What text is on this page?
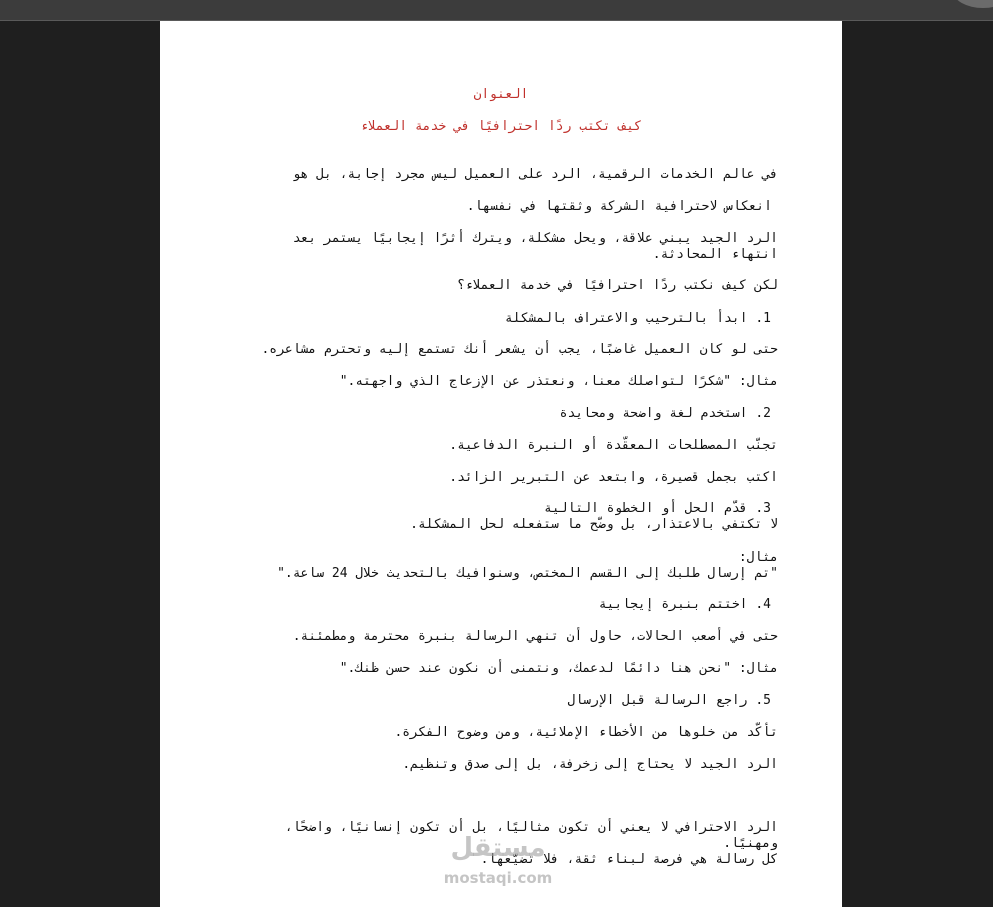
العنوان
كيف تكتب ردًا احترافيًا في خدمة العملاء
في عالم الخدمات الرقمية، الرد على العميل ليس مجرد إجابة، بل هو
انعكاس لاحترافية الشركة وثقتها في نفسها.
الرد الجيد يبني علاقة، ويحل مشكلة، ويترك أثرًا إيجابيًا يستمر بعد
انتهاء المحادثة.
لكن كيف نكتب ردًا احترافيًا في خدمة العملاء؟
1. ابدأ بالترحيب والاعتراف بالمشكلة
حتى لو كان العميل غاضبًا، يجب أن يشعر أنك تستمع إليه وتحترم مشاعره.
مثال: "شكرًا لتواصلك معنا، ونعتذر عن الإزعاج الذي واجهته."
2. استخدم لغة واضحة ومحايدة
تجنّب المصطلحات المعقّدة أو النبرة الدفاعية.
اكتب بجمل قصيرة، وابتعد عن التبرير الزائد.
3. قدّم الحل أو الخطوة التالية
لا تكتفي بالاعتذار، بل وضّح ما ستفعله لحل المشكلة.
مثال:
"تم إرسال طلبك إلى القسم المختص، وسنوافيك بالتحديث خلال 24 ساعة."
4. اختتم بنبرة إيجابية
حتى في أصعب الحالات، حاول أن تنهي الرسالة بنبرة محترمة ومطمئنة.
مثال: "نحن هنا دائمًا لدعمك، ونتمنى أن نكون عند حسن ظنك."
5. راجع الرسالة قبل الإرسال
تأكّد من خلوها من الأخطاء الإملائية، ومن وضوح الفكرة.
الرد الجيد لا يحتاج إلى زخرفة، بل إلى صدق وتنظيم.
الرد الاحترافي لا يعني أن تكون مثاليًا، بل أن تكون إنسانيًا، واضحًا،
ومهنيًا.
كل رسالة هي فرصة لبناء ثقة، فلا تضيّعها.
مستقل
mostaqi.com
